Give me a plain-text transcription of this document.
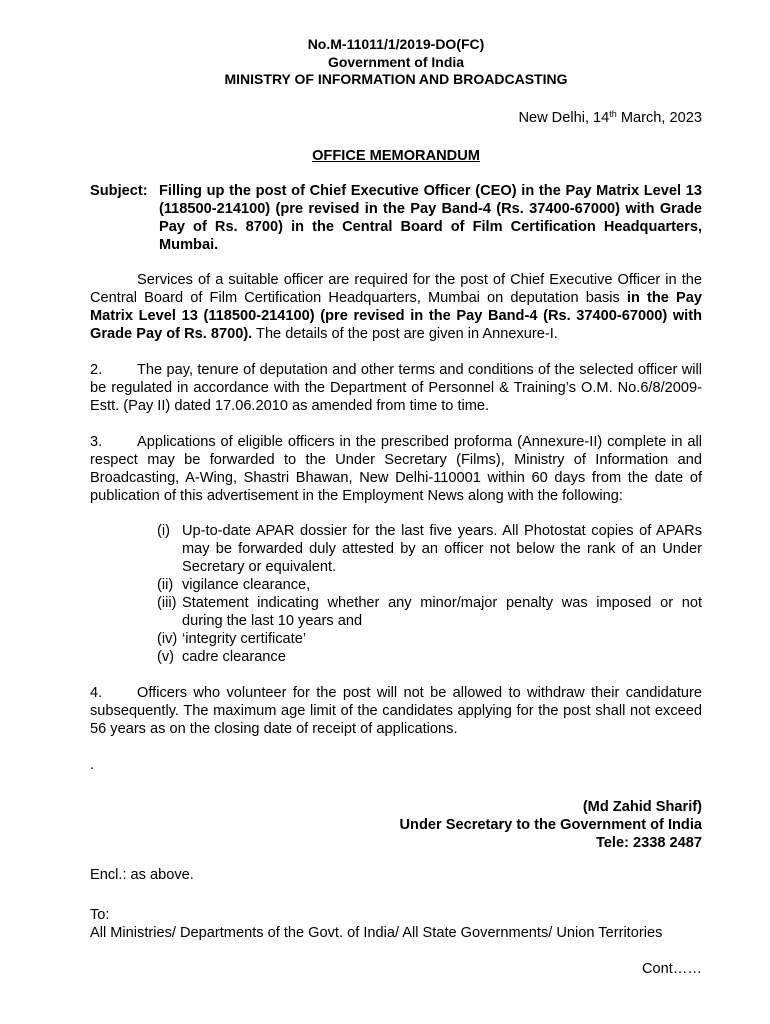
No.M-11011/1/2019-DO(FC)
Government of India
MINISTRY OF INFORMATION AND BROADCASTING
New Delhi, 14th March, 2023
OFFICE MEMORANDUM
Subject: Filling up the post of Chief Executive Officer (CEO) in the Pay Matrix Level 13 (118500-214100) (pre revised in the Pay Band-4 (Rs. 37400-67000) with Grade Pay of Rs. 8700) in the Central Board of Film Certification Headquarters, Mumbai.

Services of a suitable officer are required for the post of Chief Executive Officer in the Central Board of Film Certification Headquarters, Mumbai on deputation basis in the Pay Matrix Level 13 (118500-214100) (pre revised in the Pay Band-4 (Rs. 37400-67000) with Grade Pay of Rs. 8700). The details of the post are given in Annexure-I.

2. The pay, tenure of deputation and other terms and conditions of the selected officer will be regulated in accordance with the Department of Personnel & Training’s O.M. No.6/8/2009-Estt. (Pay II) dated 17.06.2010 as amended from time to time.

3. Applications of eligible officers in the prescribed proforma (Annexure-II) complete in all respect may be forwarded to the Under Secretary (Films), Ministry of Information and Broadcasting, A-Wing, Shastri Bhawan, New Delhi-110001 within 60 days from the date of publication of this advertisement in the Employment News along with the following:

(i) Up-to-date APAR dossier for the last five years. All Photostat copies of APARs may be forwarded duly attested by an officer not below the rank of an Under Secretary or equivalent.
(ii) vigilance clearance,
(iii) Statement indicating whether any minor/major penalty was imposed or not during the last 10 years and
(iv) ‘integrity certificate’
(v) cadre clearance

4. Officers who volunteer for the post will not be allowed to withdraw their candidature subsequently. The maximum age limit of the candidates applying for the post shall not exceed 56 years as on the closing date of receipt of applications.

.
(Md Zahid Sharif)
Under Secretary to the Government of India
Tele: 2338 2487
Encl.: as above.
To:
All Ministries/ Departments of the Govt. of India/ All State Governments/ Union Territories
Cont……
